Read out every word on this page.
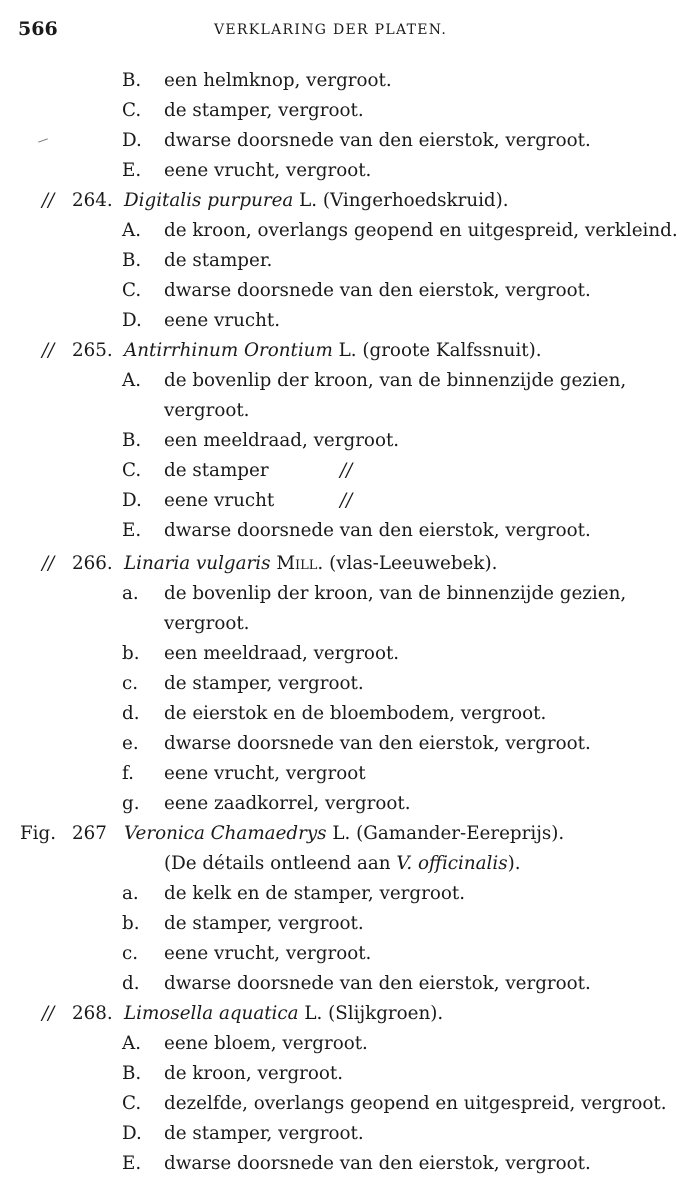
566	VERKLARING DER PLATEN.
B. een helmknop, vergroot.
C. de stamper, vergroot.
D. dwarse doorsnede van den eierstok, vergroot.
E. eene vrucht, vergroot.
// 264. Digitalis purpurea L. (Vingerhoedskruid).
A. de kroon, overlangs geopend en uitgespreid, verkleind.
B. de stamper.
C. dwarse doorsnede van den eierstok, vergroot.
D. eene vrucht.
// 265. Antirrhinum Orontium L. (groote Kalfssnuit).
A. de bovenlip der kroon, van de binnenzijde gezien,
vergroot.
B. een meeldraad, vergroot.
C. de stamper	//
D. eene vrucht	//
E. dwarse doorsnede van den eierstok, vergroot.
// 266. Linaria vulgaris Mill. (vlas-Leeuwebek).
a. de bovenlip der kroon, van de binnenzijde gezien,
vergroot.
b. een meeldraad, vergroot.
c. de stamper, vergroot.
d. de eierstok en de bloembodem, vergroot.
e. dwarse doorsnede van den eierstok, vergroot.
f. eene vrucht, vergroot
g. eene zaadkorrel, vergroot.
Fig. 267 Veronica Chamaedrys L. (Gamander-Eereprijs).
(De détails ontleend aan V. officinalis).
a. de kelk en de stamper, vergroot.
b. de stamper, vergroot.
c. eene vrucht, vergroot.
d. dwarse doorsnede van den eierstok, vergroot.
// 268. Limosella aquatica L. (Slijkgroen).
A. eene bloem, vergroot.
B. de kroon, vergroot.
C. dezelfde, overlangs geopend en uitgespreid, vergroot.
D. de stamper, vergroot.
E. dwarse doorsnede van den eierstok, vergroot.
